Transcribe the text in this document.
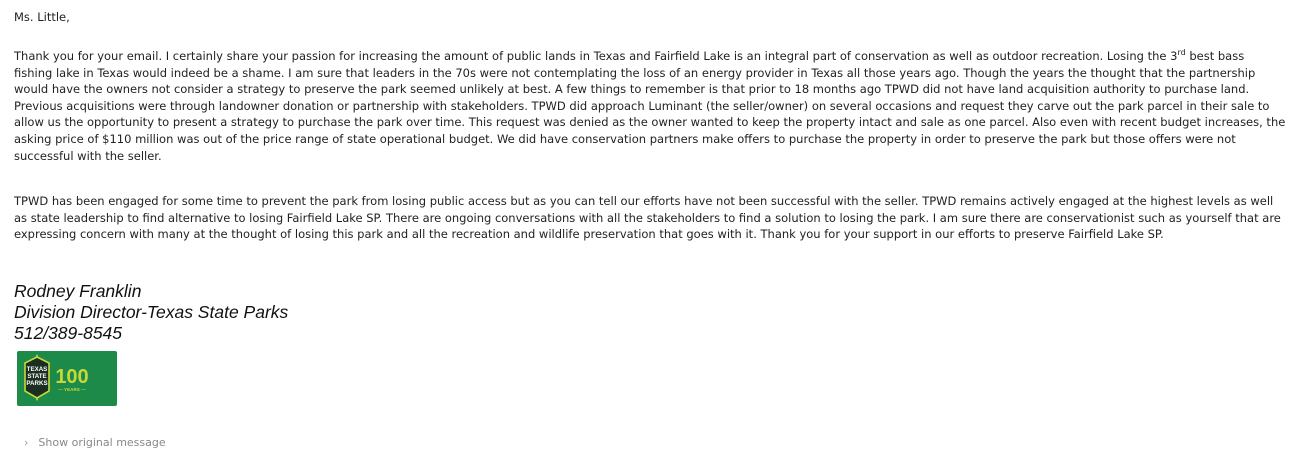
Ms. Little,

Thank you for your email. I certainly share your passion for increasing the amount of public lands in Texas and Fairfield Lake is an integral part of conservation as well as outdoor recreation. Losing the 3rd best bass fishing lake in Texas would indeed be a shame. I am sure that leaders in the 70s were not contemplating the loss of an energy provider in Texas all those years ago. Though the years the thought that the partnership would have the owners not consider a strategy to preserve the park seemed unlikely at best. A few things to remember is that prior to 18 months ago TPWD did not have land acquisition authority to purchase land. Previous acquisitions were through landowner donation or partnership with stakeholders. TPWD did approach Luminant (the seller/owner) on several occasions and request they carve out the park parcel in their sale to allow us the opportunity to present a strategy to purchase the park over time. This request was denied as the owner wanted to keep the property intact and sale as one parcel. Also even with recent budget increases, the asking price of $110 million was out of the price range of state operational budget. We did have conservation partners make offers to purchase the property in order to preserve the park but those offers were not successful with the seller.

TPWD has been engaged for some time to prevent the park from losing public access but as you can tell our efforts have not been successful with the seller. TPWD remains actively engaged at the highest levels as well as state leadership to find alternative to losing Fairfield Lake SP. There are ongoing conversations with all the stakeholders to find a solution to losing the park. I am sure there are conservationist such as yourself that are expressing concern with many at the thought of losing this park and all the recreation and wildlife preservation that goes with it. Thank you for your support in our efforts to preserve Fairfield Lake SP.

Rodney Franklin
Division Director-Texas State Parks
512/389-8545
TEXAS
STATE
PARKS 100
— YEARS —
› Show original message
